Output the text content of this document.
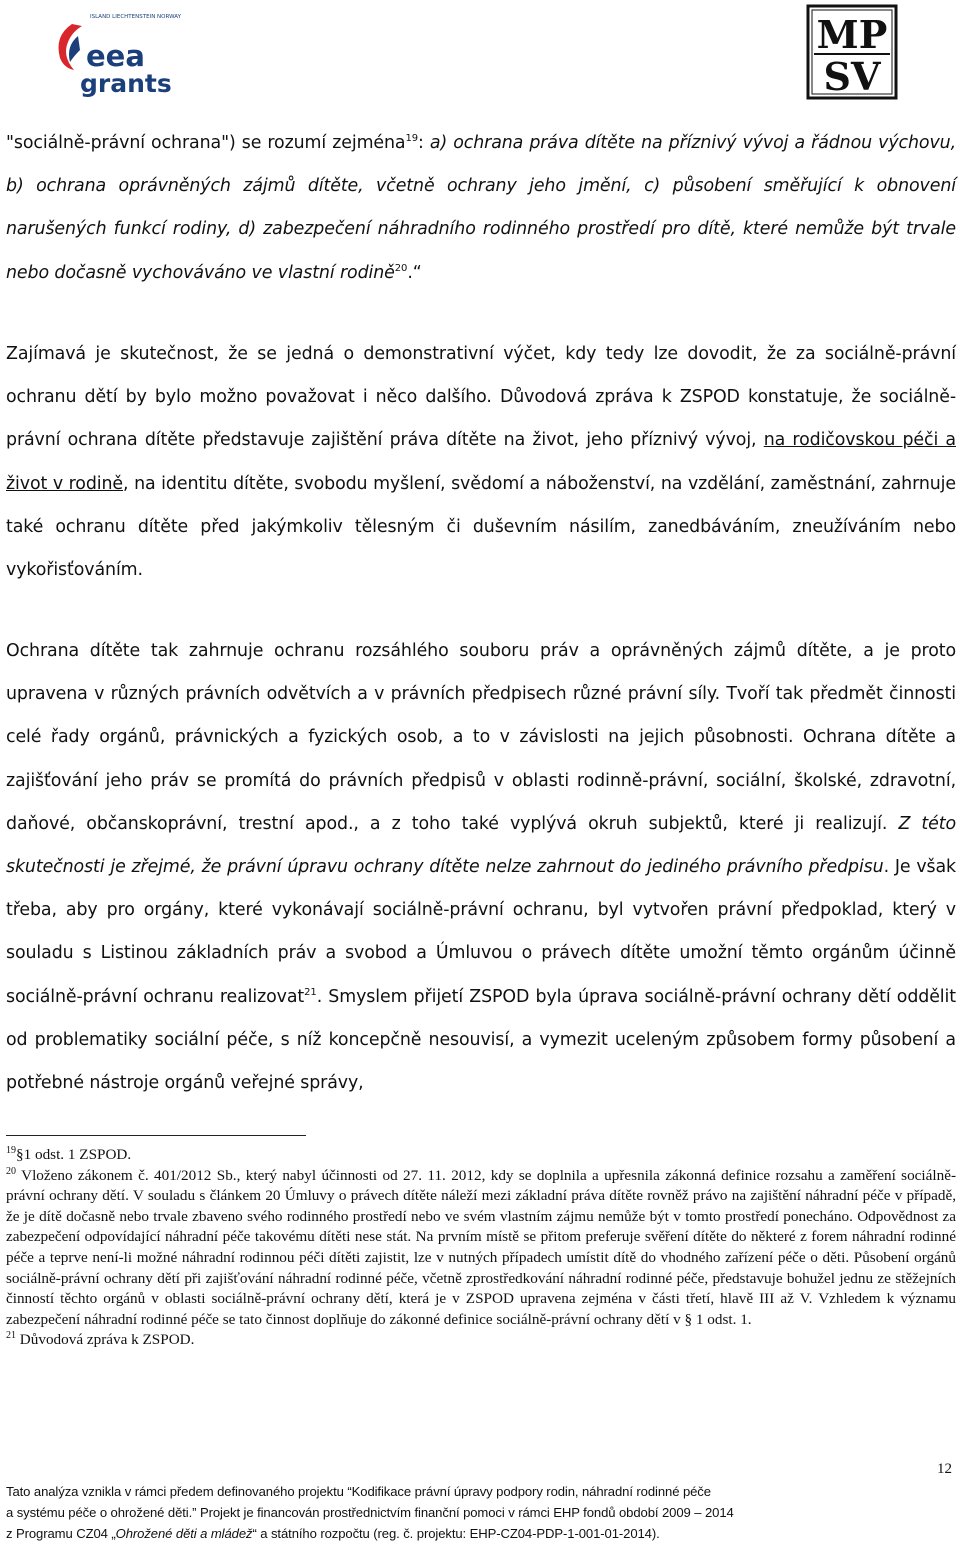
ISLAND LIECHTENSTEIN NORWAY
eea
grants
MP
SV

"sociálně-právní ochrana") se rozumí zejména$^{19}$: a) ochrana práva dítěte na příznivý vývoj a řádnou výchovu, b) ochrana oprávněných zájmů dítěte, včetně ochrany jeho jmění, c) působení směřující k obnovení narušených funkcí rodiny, d) zabezpečení náhradního rodinného prostředí pro dítě, které nemůže být trvale nebo dočasně vychováváno ve vlastní rodině$^{20}$.“

Zajímavá je skutečnost, že se jedná o demonstrativní výčet, kdy tedy lze dovodit, že za sociálně-právní ochranu dětí by bylo možno považovat i něco dalšího. Důvodová zpráva k ZSPOD konstatuje, že sociálně-právní ochrana dítěte představuje zajištění práva dítěte na život, jeho příznivý vývoj, na rodičovskou péči a život v rodině, na identitu dítěte, svobodu myšlení, svědomí a náboženství, na vzdělání, zaměstnání, zahrnuje také ochranu dítěte před jakýmkoliv tělesným či duševním násilím, zanedbáváním, zneužíváním nebo vykořisťováním.

Ochrana dítěte tak zahrnuje ochranu rozsáhlého souboru práv a oprávněných zájmů dítěte, a je proto upravena v různých právních odvětvích a v právních předpisech různé právní síly. Tvoří tak předmět činnosti celé řady orgánů, právnických a fyzických osob, a to v závislosti na jejich působnosti. Ochrana dítěte a zajišťování jeho práv se promítá do právních předpisů v oblasti rodinně-právní, sociální, školské, zdravotní, daňové, občanskoprávní, trestní apod., a z toho také vyplývá okruh subjektů, které ji realizují. Z této skutečnosti je zřejmé, že právní úpravu ochrany dítěte nelze zahrnout do jediného právního předpisu. Je však třeba, aby pro orgány, které vykonávají sociálně-právní ochranu, byl vytvořen právní předpoklad, který v souladu s Listinou základních práv a svobod a Úmluvou o právech dítěte umožní těmto orgánům účinně sociálně-právní ochranu realizovat$^{21}$. Smyslem přijetí ZSPOD byla úprava sociálně-právní ochrany dětí oddělit od problematiky sociální péče, s níž koncepčně nesouvisí, a vymezit uceleným způsobem formy působení a potřebné nástroje orgánů veřejné správy,

$^{19}$§1 odst. 1 ZSPOD.

$^{20}$ Vloženo zákonem č. 401/2012 Sb., který nabyl účinnosti od 27. 11. 2012, kdy se doplnila a upřesnila zákonná definice rozsahu a zaměření sociálně-právní ochrany dětí. V souladu s článkem 20 Úmluvy o právech dítěte náleží mezi základní práva dítěte rovněž právo na zajištění náhradní péče v případě, že je dítě dočasně nebo trvale zbaveno svého rodinného prostředí nebo ve svém vlastním zájmu nemůže být v tomto prostředí ponecháno. Odpovědnost za zabezpečení odpovídající náhradní péče takovému dítěti nese stát. Na prvním místě se přitom preferuje svěření dítěte do některé z forem náhradní rodinné péče a teprve není-li možné náhradní rodinnou péči dítěti zajistit, lze v nutných případech umístit dítě do vhodného zařízení péče o děti. Působení orgánů sociálně-právní ochrany dětí při zajišťování náhradní rodinné péče, včetně zprostředkování náhradní rodinné péče, představuje bohužel jednu ze stěžejních činností těchto orgánů v oblasti sociálně-právní ochrany dětí, která je v ZSPOD upravena zejména v části třetí, hlavě III až V. Vzhledem k významu zabezpečení náhradní rodinné péče se tato činnost doplňuje do zákonné definice sociálně-právní ochrany dětí v § 1 odst. 1.

$^{21}$ Důvodová zpráva k ZSPOD.

12

Tato analýza vznikla v rámci předem definovaného projektu “Kodifikace právní úpravy podpory rodin, náhradní rodinné péče

a systému péče o ohrožené děti.” Projekt je financován prostřednictvím finanční pomoci v rámci EHP fondů období 2009 – 2014

z Programu CZ04 „Ohrožené děti a mládež“ a státního rozpočtu (reg. č. projektu: EHP-CZ04-PDP-1-001-01-2014).
